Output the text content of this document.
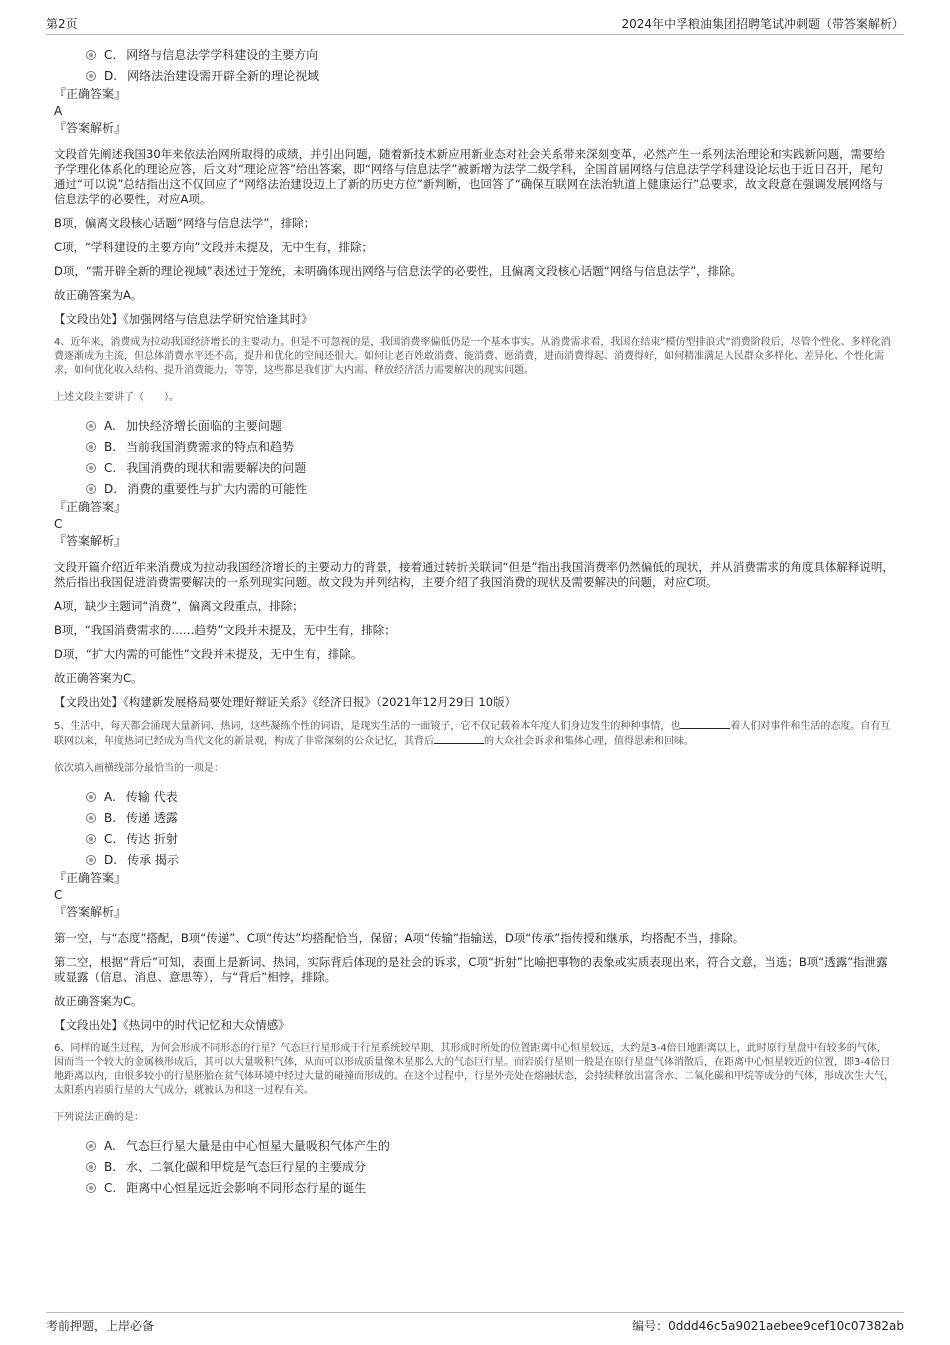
第2页	2024年中孚粮油集团招聘笔试冲刺题（带答案解析）
C. 网络与信息法学学科建设的主要方向
D. 网络法治建设需开辟全新的理论视域
『正确答案』
A
『答案解析』
文段首先阐述我国30年来依法治网所取得的成绩，并引出问题，随着新技术新应用新业态对社会关系带来深刻变革，必然产生一系列法治理论和实践新问题，需要给予学理化体系化的理论应答，后文对“理论应答”给出答案，即“网络与信息法学”被新增为法学二级学科，全国首届网络与信息法学学科建设论坛也于近日召开，尾句通过“可以说”总结指出这不仅回应了“网络法治建设迈上了新的历史方位”新判断，也回答了“确保互联网在法治轨道上健康运行”总要求，故文段意在强调发展网络与信息法学的必要性，对应A项。
B项，偏离文段核心话题“网络与信息法学”，排除；
C项，“学科建设的主要方向”文段并未提及，无中生有，排除；
D项，“需开辟全新的理论视域”表述过于笼统，未明确体现出网络与信息法学的必要性，且偏离文段核心话题“网络与信息法学”，排除。
故正确答案为A。
【文段出处】《加强网络与信息法学研究恰逢其时》
4、近年来，消费成为拉动我国经济增长的主要动力。但是不可忽视的是，我国消费率偏低仍是一个基本事实。从消费需求看，我国在结束“模仿型排浪式”消费阶段后，尽管个性化、多样化消费逐渐成为主流，但总体消费水平还不高，提升和优化的空间还很大。如何让老百姓敢消费、能消费、愿消费，进而消费得起、消费得好，如何精准满足人民群众多样化、差异化、个性化需求，如何优化收入结构、提升消费能力，等等，这些都是我们扩大内需、释放经济活力需要解决的现实问题。
上述文段主要讲了（　　）。
A. 加快经济增长面临的主要问题
B. 当前我国消费需求的特点和趋势
C. 我国消费的现状和需要解决的问题
D. 消费的重要性与扩大内需的可能性
『正确答案』
C
『答案解析』
文段开篇介绍近年来消费成为拉动我国经济增长的主要动力的背景，接着通过转折关联词“但是”指出我国消费率仍然偏低的现状，并从消费需求的角度具体解释说明，然后指出我国促进消费需要解决的一系列现实问题。故文段为并列结构，主要介绍了我国消费的现状及需要解决的问题，对应C项。
A项，缺少主题词“消费”，偏离文段重点，排除；
B项，“我国消费需求的……趋势”文段并未提及，无中生有，排除；
D项，“扩大内需的可能性”文段并未提及，无中生有，排除。
故正确答案为C。
【文段出处】《构建新发展格局要处理好辩证关系》《经济日报》（2021年12月29日 10版）
5、生活中，每天都会涌现大量新词、热词，这些凝练个性的词语，是现实生活的一面镜子，它不仅记载着本年度人们身边发生的种种事情，也	着人们对事件和生活的态度。自有互联网以来，年度热词已经成为当代文化的新景观，构成了非常深刻的公众记忆，其背后	的大众社会诉求和集体心理，值得思索和回味。
依次填入画横线部分最恰当的一项是：
A. 传输 代表
B. 传递 透露
C. 传达 折射
D. 传承 揭示
『正确答案』
C
『答案解析』
第一空，与“态度”搭配，B项“传递”、C项“传达”均搭配恰当，保留；A项“传输”指输送，D项“传承”指传授和继承，均搭配不当，排除。
第二空，根据“背后”可知，表面上是新词、热词，实际背后体现的是社会的诉求，C项“折射”比喻把事物的表象或实质表现出来，符合文意，当选；B项“透露”指泄露或显露（信息、消息、意思等），与“背后”相悖，排除。
故正确答案为C。
【文段出处】《热词中的时代记忆和大众情感》
6、同样的诞生过程，为何会形成不同形态的行星？气态巨行星形成于行星系统较早期，其形成时所处的位置距离中心恒星较远，大约是3-4倍日地距离以上，此时原行星盘中有较多的气体，因而当一个较大的金属核形成后，其可以大量吸积气体，从而可以形成质量像木星那么大的气态巨行星。而岩质行星则一般是在原行星盘气体消散后，在距离中心恒星较近的位置，即3-4倍日地距离以内，由很多较小的行星胚胎在贫气体环境中经过大量的碰撞而形成的。在这个过程中，行星外壳处在熔融状态，会持续释放出富含水、二氧化碳和甲烷等成分的气体，形成次生大气，太阳系内岩质行星的大气成分，就被认为和这一过程有关。
下列说法正确的是：
A. 气态巨行星大量是由中心恒星大量吸积气体产生的
B. 水、二氧化碳和甲烷是气态巨行星的主要成分
C. 距离中心恒星远近会影响不同形态行星的诞生
考前押题，上岸必备	编号：0ddd46c5a9021aebee9cef10c07382ab
